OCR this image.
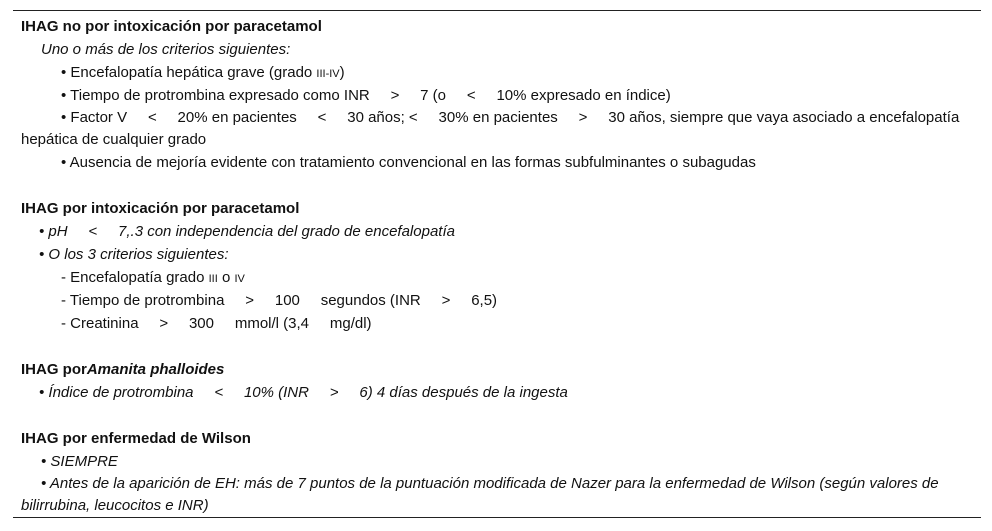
IHAG no por intoxicación por paracetamol
Uno o más de los criterios siguientes:
• Encefalopatía hepática grave (grado III-IV)
• Tiempo de protrombina expresado como INR     >     7 (o     <     10% expresado en índice)
• Factor V     <     20% en pacientes     <     30 años; <     30% en pacientes     >     30 años, siempre que vaya asociado a encefalopatía hepática de cualquier grado
• Ausencia de mejoría evidente con tratamiento convencional en las formas subfulminantes o subagudas
IHAG por intoxicación por paracetamol
• pH     <     7,.3 con independencia del grado de encefalopatía
• O los 3 criterios siguientes:
- Encefalopatía grado III o IV
- Tiempo de protrombina     >     100     segundos (INR     >     6,5)
- Creatinina     >     300     mmol/l (3,4     mg/dl)
IHAG porAmanita phalloides
• Índice de protrombina     <     10% (INR     >     6) 4 días después de la ingesta
IHAG por enfermedad de Wilson
• SIEMPRE
• Antes de la aparición de EH: más de 7 puntos de la puntuación modificada de Nazer para la enfermedad de Wilson (según valores de bilirrubina, leucocitos e INR)
